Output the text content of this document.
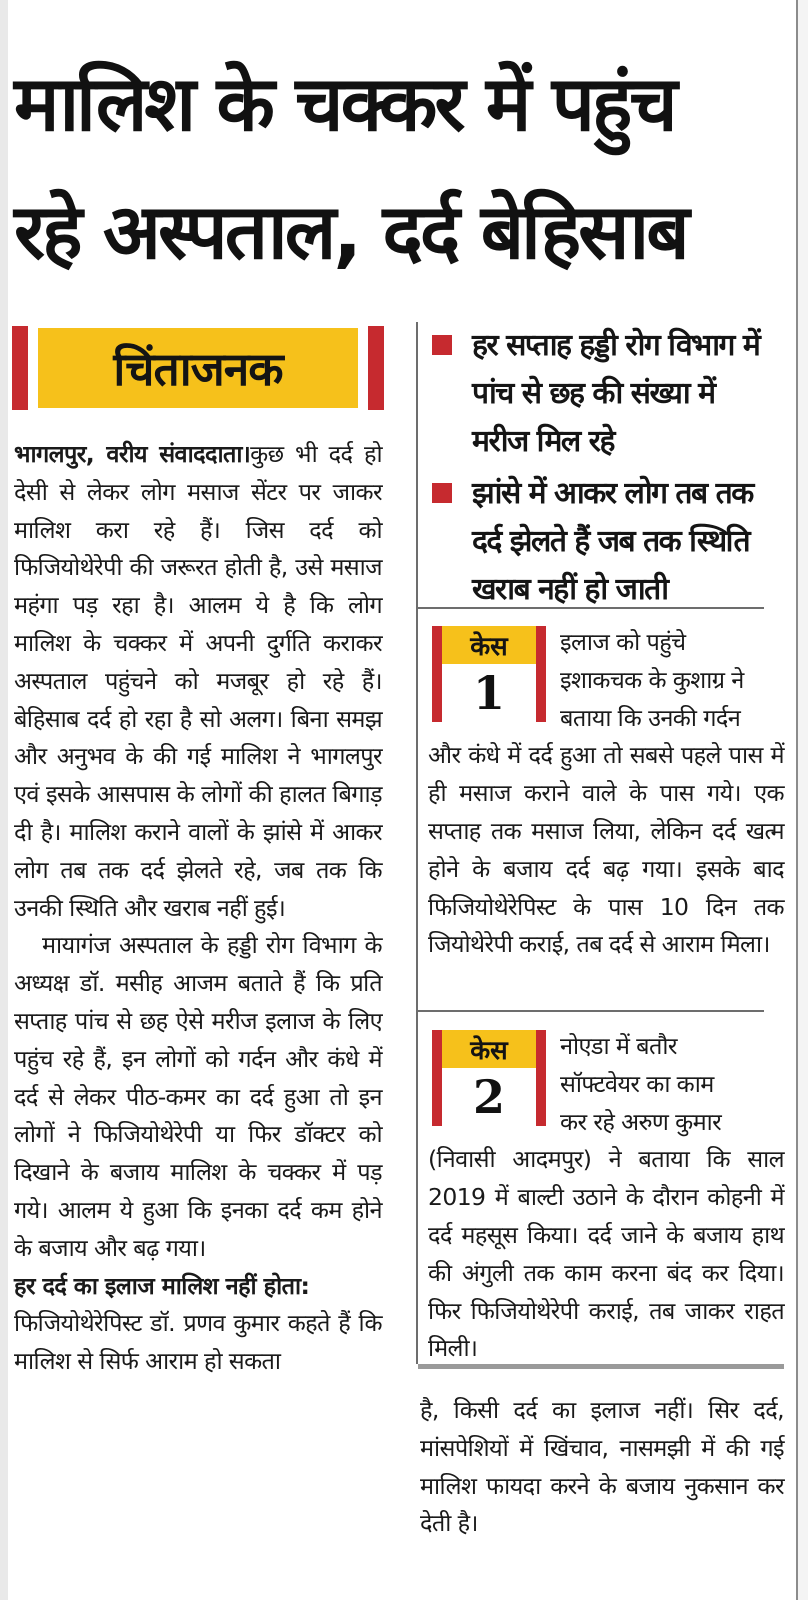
मालिश के चक्कर में पहुंच
रहे अस्पताल, दर्द बेहिसाब
चिंताजनक

भागलपुर, वरीय संवाददाता।कुछ भी दर्द हो देसी से लेकर लोग मसाज सेंटर पर जाकर मालिश करा रहे हैं। जिस दर्द को फिजियोथेरेपी की जरूरत होती है, उसे मसाज महंगा पड़ रहा है। आलम ये है कि लोग मालिश के चक्कर में अपनी दुर्गति कराकर अस्पताल पहुंचने को मजबूर हो रहे हैं। बेहिसाब दर्द हो रहा है सो अलग। बिना समझ और अनुभव के की गई मालिश ने भागलपुर एवं इसके आसपास के लोगों की हालत बिगाड़ दी है। मालिश कराने वालों के झांसे में आकर लोग तब तक दर्द झेलते रहे, जब तक कि उनकी स्थिति और खराब नहीं हुई।

मायागंज अस्पताल के हड्डी रोग विभाग के अध्यक्ष डॉ. मसीह आजम बताते हैं कि प्रति सप्ताह पांच से छह ऐसे मरीज इलाज के लिए पहुंच रहे हैं, इन लोगों को गर्दन और कंधे में दर्द से लेकर पीठ-कमर का दर्द हुआ तो इन लोगों ने फिजियोथेरेपी या फिर डॉक्टर को दिखाने के बजाय मालिश के चक्कर में पड़ गये। आलम ये हुआ कि इनका दर्द कम होने के बजाय और बढ़ गया।

हर दर्द का इलाज मालिश नहीं होता:

फिजियोथेरेपिस्ट डॉ. प्रणव कुमार कहते हैं कि मालिश से सिर्फ आराम हो सकता

हर सप्ताह हड्डी रोग विभाग में पांच से छह की संख्या में मरीज मिल रहे
झांसे में आकर लोग तब तक दर्द झेलते हैं जब तक स्थिति खराब नहीं हो जाती
केस
1
इलाज को पहुंचे
इशाकचक के कुशाग्र ने
बताया कि उनकी गर्दन
और कंधे में दर्द हुआ तो सबसे पहले पास में ही मसाज कराने वाले के पास गये। एक सप्ताह तक मसाज लिया, लेकिन दर्द खत्म होने के बजाय दर्द बढ़ गया। इसके बाद फिजियोथेरेपिस्ट के पास 10 दिन तक जियोथेरेपी कराई, तब दर्द से आराम मिला।
केस
2
नोएडा में बतौर
सॉफ्टवेयर का काम
कर रहे अरुण कुमार
(निवासी आदमपुर) ने बताया कि साल 2019 में बाल्टी उठाने के दौरान कोहनी में दर्द महसूस किया। दर्द जाने के बजाय हाथ की अंगुली तक काम करना बंद कर दिया। फिर फिजियोथेरेपी कराई, तब जाकर राहत मिली।
है, किसी दर्द का इलाज नहीं। सिर दर्द, मांसपेशियों में खिंचाव, नासमझी में की गई मालिश फायदा करने के बजाय नुकसान कर देती है।
